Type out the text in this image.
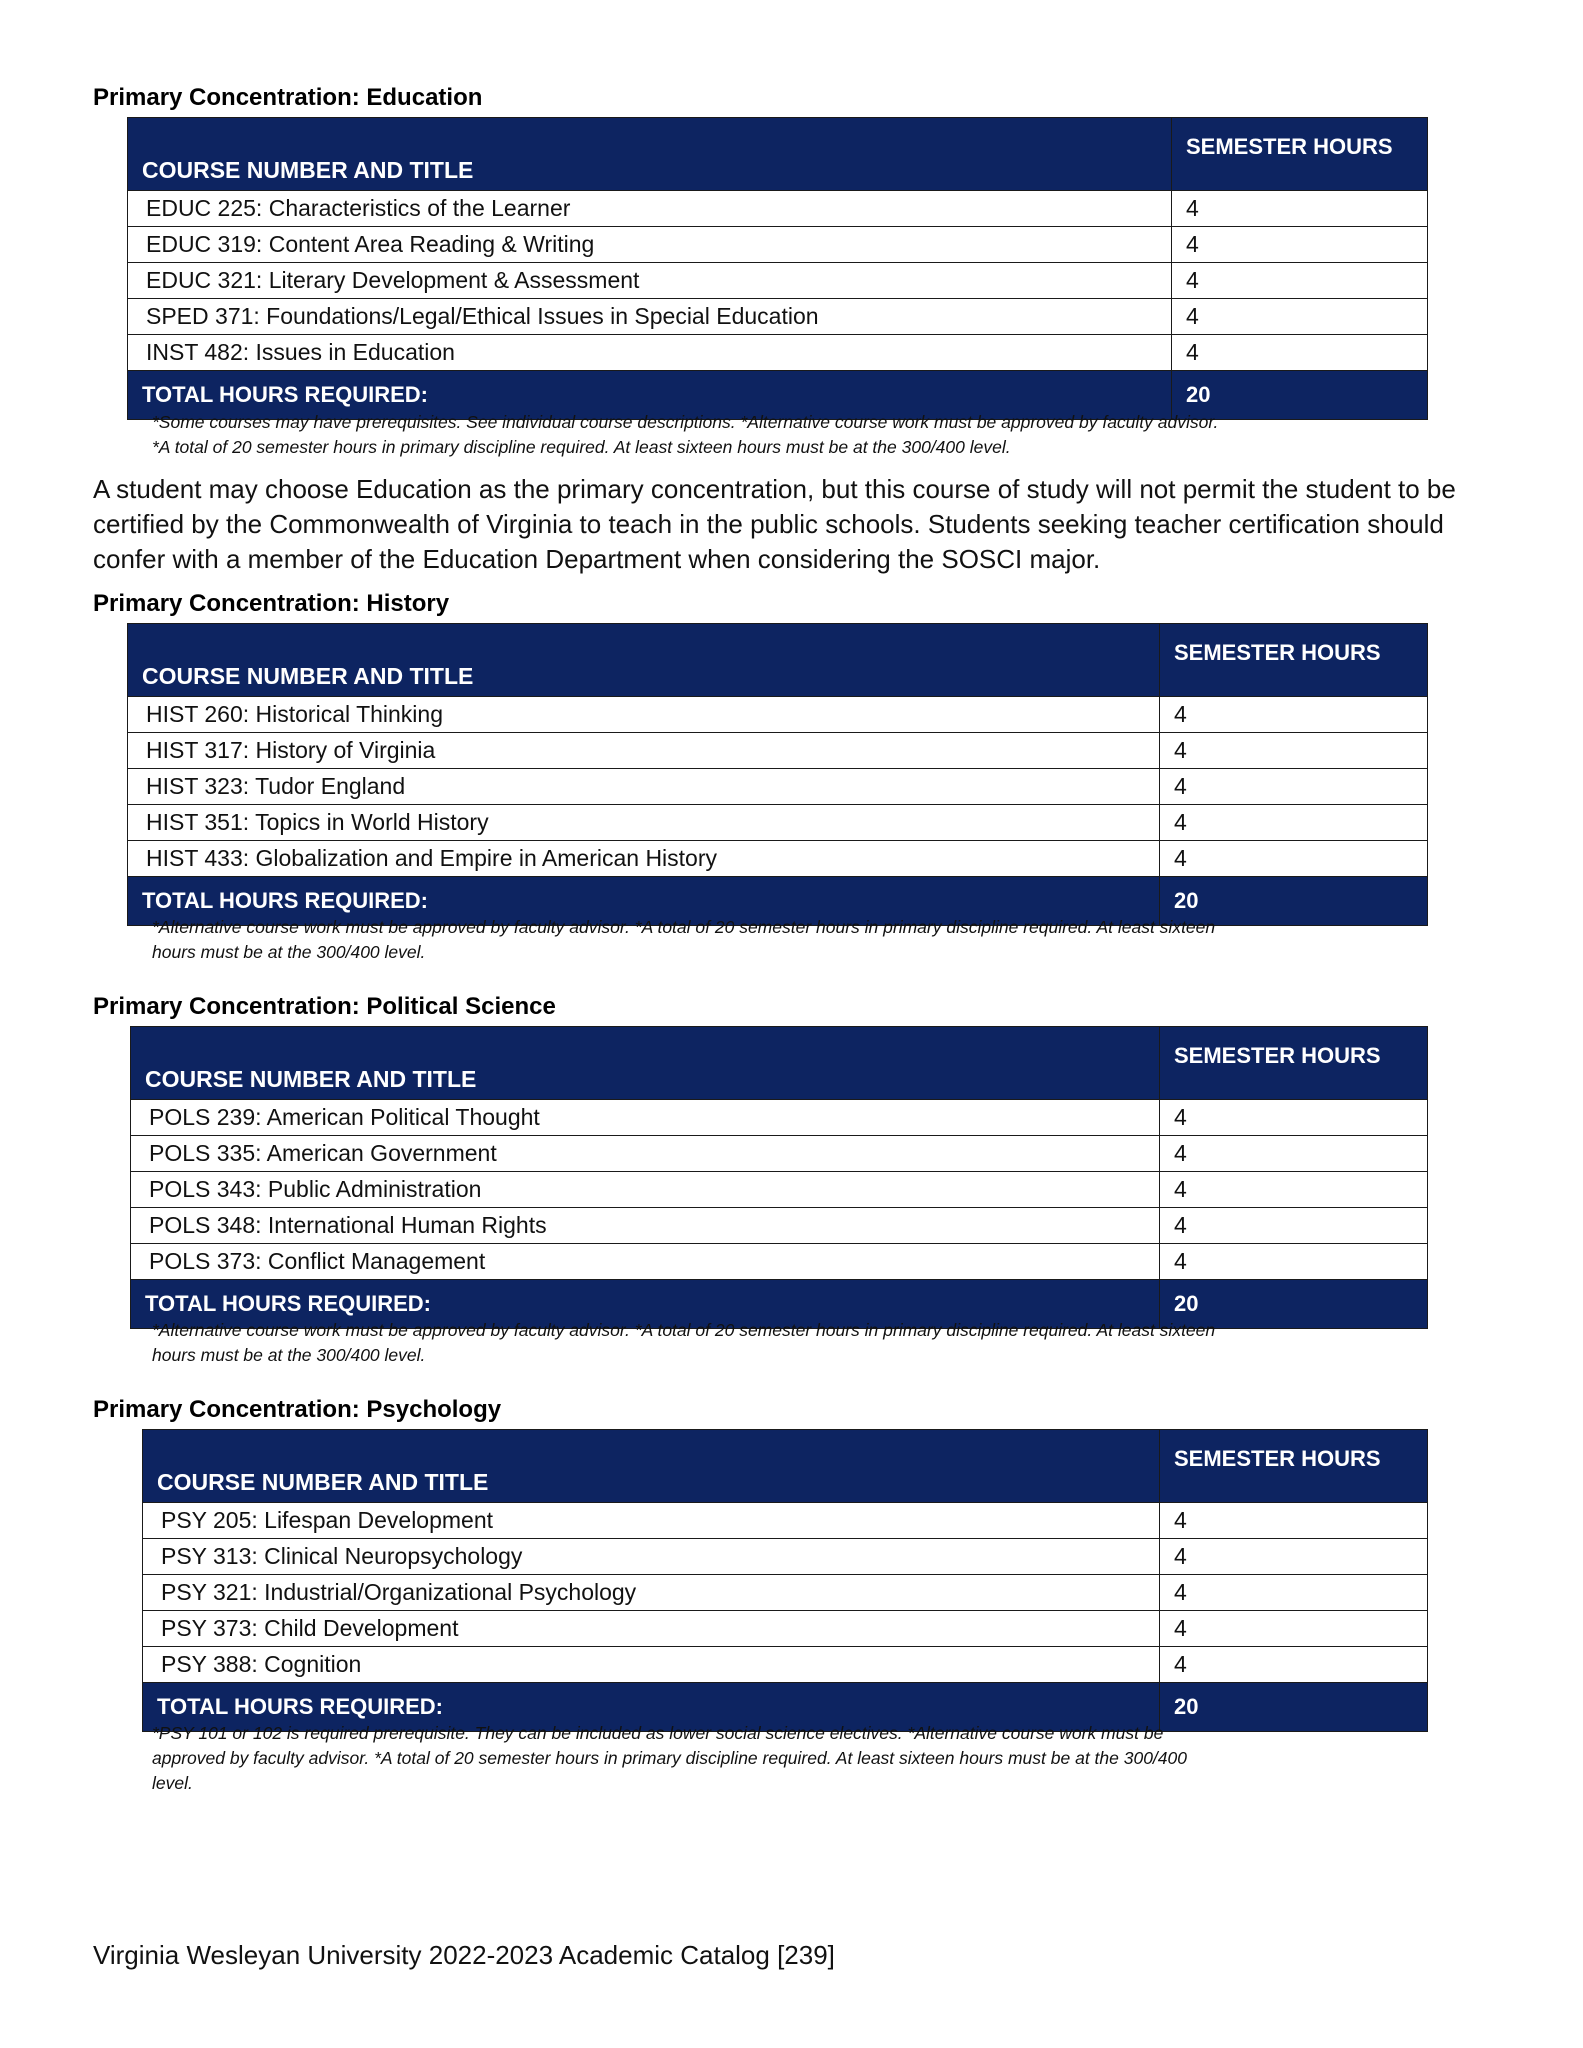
Primary Concentration: Education
COURSE NUMBER AND TITLE	SEMESTER HOURS
EDUC 225: Characteristics of the Learner	4
EDUC 319: Content Area Reading & Writing	4
EDUC 321: Literary Development & Assessment	4
SPED 371: Foundations/Legal/Ethical Issues in Special Education	4
INST 482: Issues in Education	4
TOTAL HOURS REQUIRED:	20
*Some courses may have prerequisites. See individual course descriptions. *Alternative course work must be approved by faculty advisor.
*A total of 20 semester hours in primary discipline required. At least sixteen hours must be at the 300/400 level.

A student may choose Education as the primary concentration, but this course of study will not permit the student to be certified by the Commonwealth of Virginia to teach in the public schools. Students seeking teacher certification should confer with a member of the Education Department when considering the SOSCI major.

Primary Concentration: History
COURSE NUMBER AND TITLE	SEMESTER HOURS
HIST 260: Historical Thinking	4
HIST 317: History of Virginia	4
HIST 323: Tudor England	4
HIST 351: Topics in World History	4
HIST 433: Globalization and Empire in American History	4
TOTAL HOURS REQUIRED:	20
*Alternative course work must be approved by faculty advisor. *A total of 20 semester hours in primary discipline required. At least sixteen
hours must be at the 300/400 level.
Primary Concentration: Political Science
COURSE NUMBER AND TITLE	SEMESTER HOURS
POLS 239: American Political Thought	4
POLS 335: American Government	4
POLS 343: Public Administration	4
POLS 348: International Human Rights	4
POLS 373: Conflict Management	4
TOTAL HOURS REQUIRED:	20
*Alternative course work must be approved by faculty advisor. *A total of 20 semester hours in primary discipline required. At least sixteen
hours must be at the 300/400 level.
Primary Concentration: Psychology
COURSE NUMBER AND TITLE	SEMESTER HOURS
PSY 205: Lifespan Development	4
PSY 313: Clinical Neuropsychology	4
PSY 321: Industrial/Organizational Psychology	4
PSY 373: Child Development	4
PSY 388: Cognition	4
TOTAL HOURS REQUIRED:	20
*PSY 101 or 102 is required prerequisite. They can be included as lower social science electives. *Alternative course work must be
approved by faculty advisor. *A total of 20 semester hours in primary discipline required. At least sixteen hours must be at the 300/400
level.

Virginia Wesleyan University 2022-2023 Academic Catalog [239]
